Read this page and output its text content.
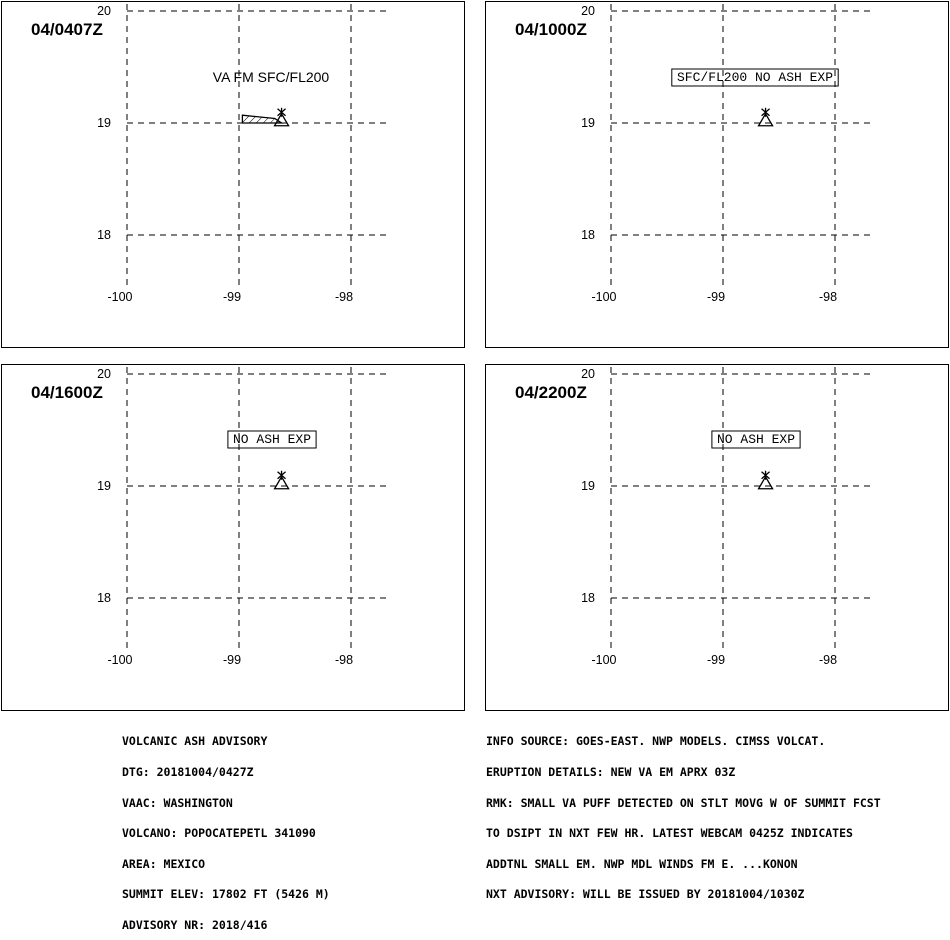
20
19
18
-100	-99	-98
04/0407Z
VA FM SFC/FL200
20
19
18
-100	-99	-98
04/1000Z
SFC/FL200 NO ASH EXP
20
19
18
-100	-99	-98
04/1600Z
NO ASH EXP
20
19
18
-100	-99	-98
04/2200Z
NO ASH EXP

VOLCANIC ASH ADVISORY

DTG: 20181004/0427Z

VAAC: WASHINGTON

VOLCANO: POPOCATEPETL 341090

AREA: MEXICO

SUMMIT ELEV: 17802 FT (5426 M)

ADVISORY NR: 2018/416

INFO SOURCE: GOES-EAST. NWP MODELS. CIMSS VOLCAT.

ERUPTION DETAILS: NEW VA EM APRX 03Z

RMK: SMALL VA PUFF DETECTED ON STLT MOVG W OF SUMMIT FCST

TO DSIPT IN NXT FEW HR. LATEST WEBCAM 0425Z INDICATES

ADDTNL SMALL EM. NWP MDL WINDS FM E. ...KONON

NXT ADVISORY: WILL BE ISSUED BY 20181004/1030Z
